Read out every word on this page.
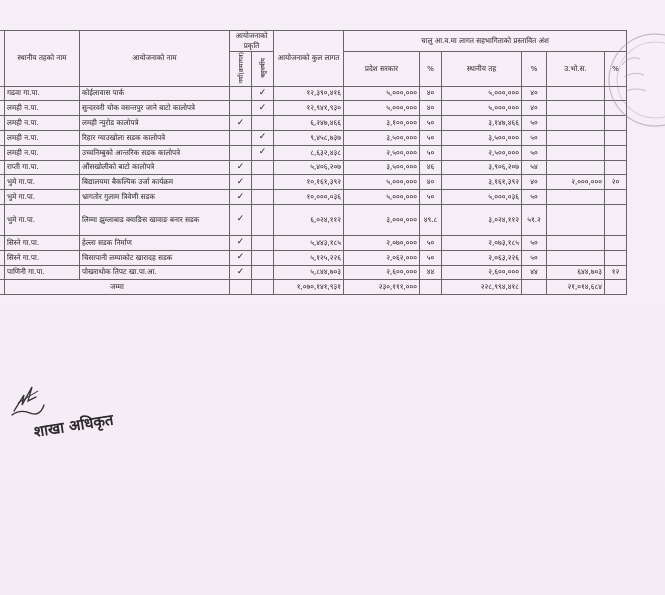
	स्थानीय तहको नाम	आयोजनाको नाम	आयोजनाको प्रकृति		आयोजनाको कुल लागत	चालु आ.व.मा लागत सहभागिताको प्रस्तावित अंश					
			नयाँ(क्रमागत)	बहुवर्षीय		प्रदेश सरकार	%	स्थानीय तह	%	उ.भो.स.	%
	गढवा गा.पा.	कोईलावास पार्क		✓	१२,३९०,४१६	५,०००,०००	४०	५,०००,०००	४०		
	लमही न.पा.	सुन्दरवरी चोक वसन्तपुर जाने बाटो कालोपत्रे		✓	१२,९४१,९३०	५,०००,०००	४०	५,०००,०००	४०		
	लमही न.पा.	लमही न्युरोड कालोपत्रे	✓		६,२४७,४६६	३,१००,०००	५०	३,१४७,४६६	५०		
	लमही न.पा.	रिहार ग्याउखोला सडक कालोपत्रे		✓	९,४५८,७३७	३,५००,०००	५०	३,५००,०००	५०		
	लमही न.पा.	उच्चनिम्बुको आन्तरिक सडक कालोपत्रे		✓	८,६३२,४३८	२,५००,०००	५०	२,५००,०००	५०		
	राप्ती गा.पा.	औंसखोलीको बाटो कालोपत्रे	✓		५,४०६,२०७	३,५००,०००	४६	३,९०६,२०७	५४		
	भुमे गा.पा.	बिद्यालयमा बैकल्पिक उर्जा कार्यक्रम	✓		१०,१६१,३९२	५,०००,०००	४०	३,१६१,३९२	४०	२,०००,०००	२०
	भुमे गा.पा.	भ्रागतोर गुलाम त्रिवेणी सडक	✓		१०,०००,०३६	५,०००,०००	५०	५,०००,०३६	५०		
	भुमे गा.पा.	लिम्मा झुम्लाबाड क्याङिस खावाङ बनार सडक	✓		६,०२४,११२	३,०००,०००	४९.८	३,०२४,११२	५१.२		
	सिस्ने गा.पा.	हेल्ला सडक निर्माण	✓		५,४४३,१८५	२,०७०,०००	५०	२,०७३,१८५	५०		
	सिस्ने गा.पा.	चिसापानी लम्पाकोट खारादह सडक	✓		५,१२५,२२६	२,०६२,०००	५०	२,०६३,२२६	५०		
	पाणिनी गा.पा.	पोखराथोक तिपट खा.पा.आ.	✓		५,८४४,७०३	२,६००,०००	४४	२,६००,०००	४४	६४४,७०३	१२
	जम्मा				१,०७०,१४१,९३१	२३०,१११,०००		२२८,९९४,४१८		२१,०१४,६८४	
शाखा अधिकृत
